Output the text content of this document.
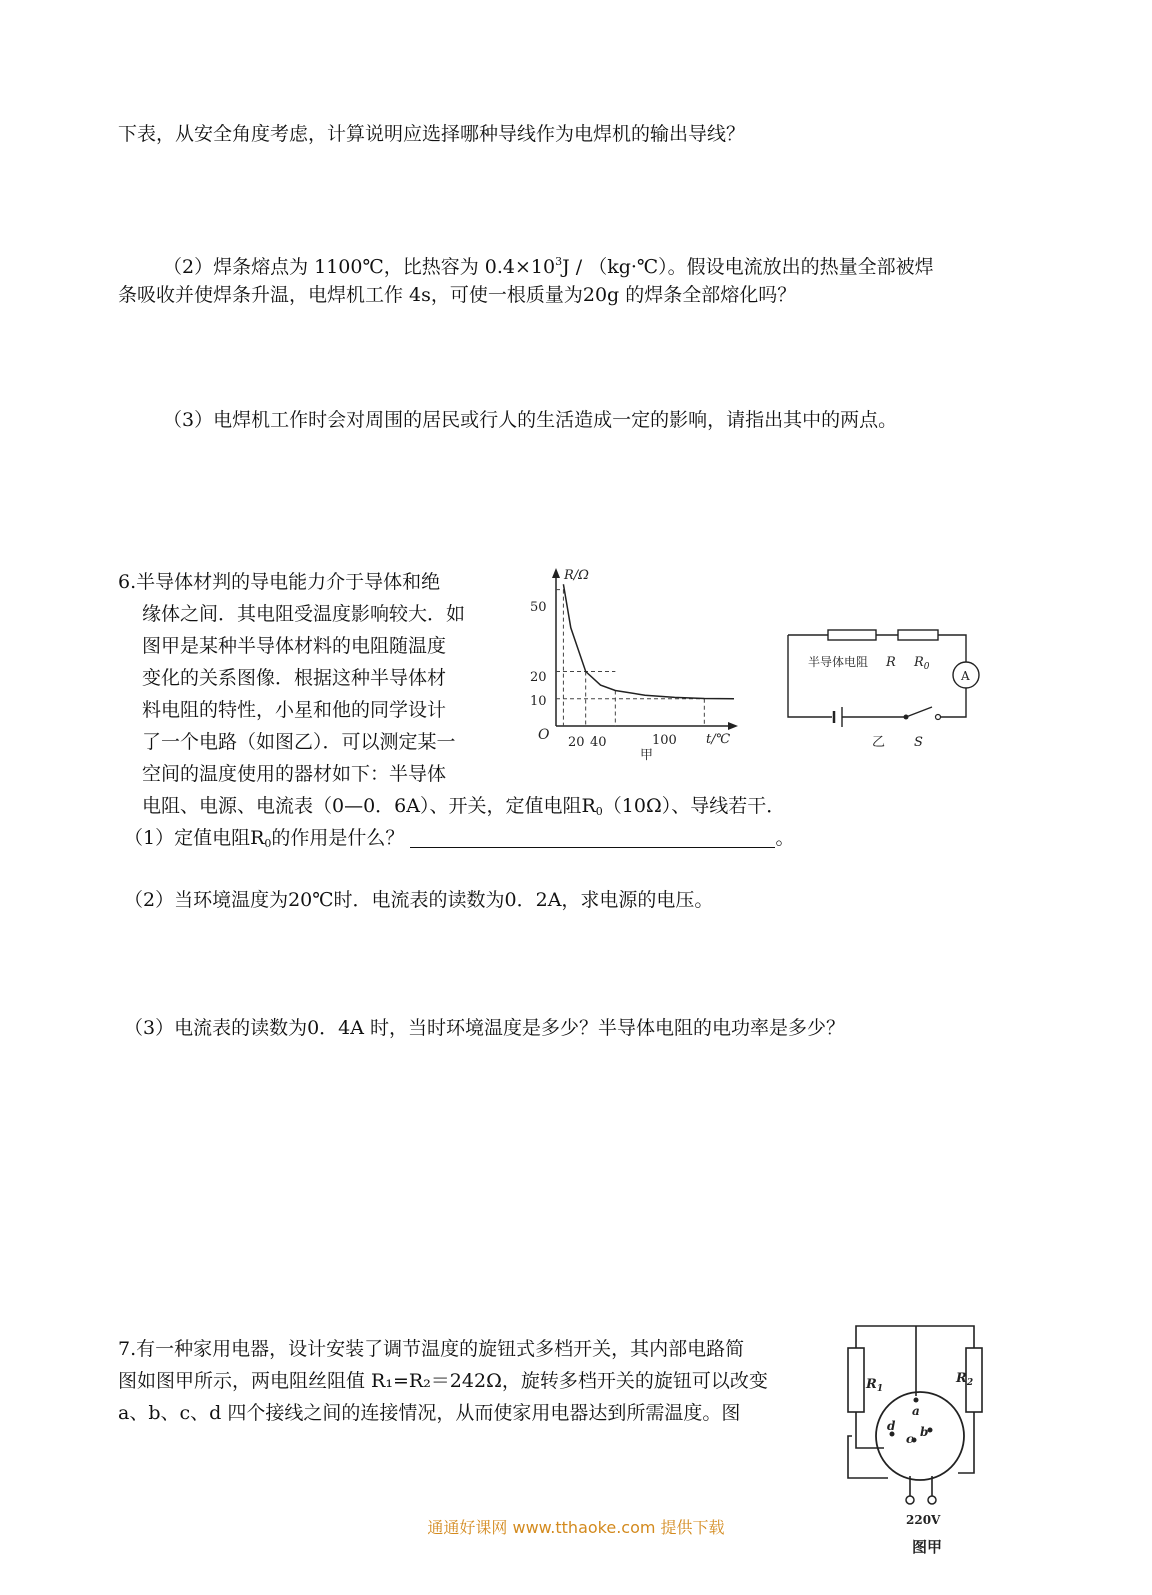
下表，从安全角度考虑，计算说明应选择哪种导线作为电焊机的输出导线？
（2）焊条熔点为 1100℃，比热容为 $0.4\times 10^3J$ / （kg·℃）。假设电流放出的热量全部被焊
条吸收并使焊条升温，电焊机工作 4s，可使一根质量为20g 的焊条全部熔化吗？
（3）电焊机工作时会对周围的居民或行人的生活造成一定的影响，请指出其中的两点。
6.半导体材判的导电能力介于导体和绝
缘体之间．其电阻受温度影响较大．如
图甲是某种半导体材料的电阻随温度
变化的关系图像．根据这种半导体材
料电阻的特性，小星和他的同学设计
了一个电路（如图乙）．可以测定某一
空间的温度使用的器材如下：半导体
电阻、电源、电流表（0—0．6A）、开关，定值电阻$R_0(10\Omega)$、导线若干．
（1）定值电阻$R_0$的作用是什么？	。
（2）当环境温度为20℃时．电流表的读数为0．2A，求电源的电压。
（3）电流表的读数为0．4A 时，当时环境温度是多少？半导体电阻的电功率是多少？
R/Ω
t/℃
O
50
20
10
20 40	100
甲
半导体电阻 R $R_0$
A
乙 S
7.有一种家用电器，设计安装了调节温度的旋钮式多档开关，其内部电路简
图如图甲所示，两电阻丝阻值 R₁=R₂＝242Ω，旋转多档开关的旋钮可以改变
a、b、c、d 四个接线之间的连接情况，从而使家用电器达到所需温度。图
$R_1$
$R_2$
a
b
c
d
220V
图甲
通通好课网 www.tthaoke.com 提供下载
